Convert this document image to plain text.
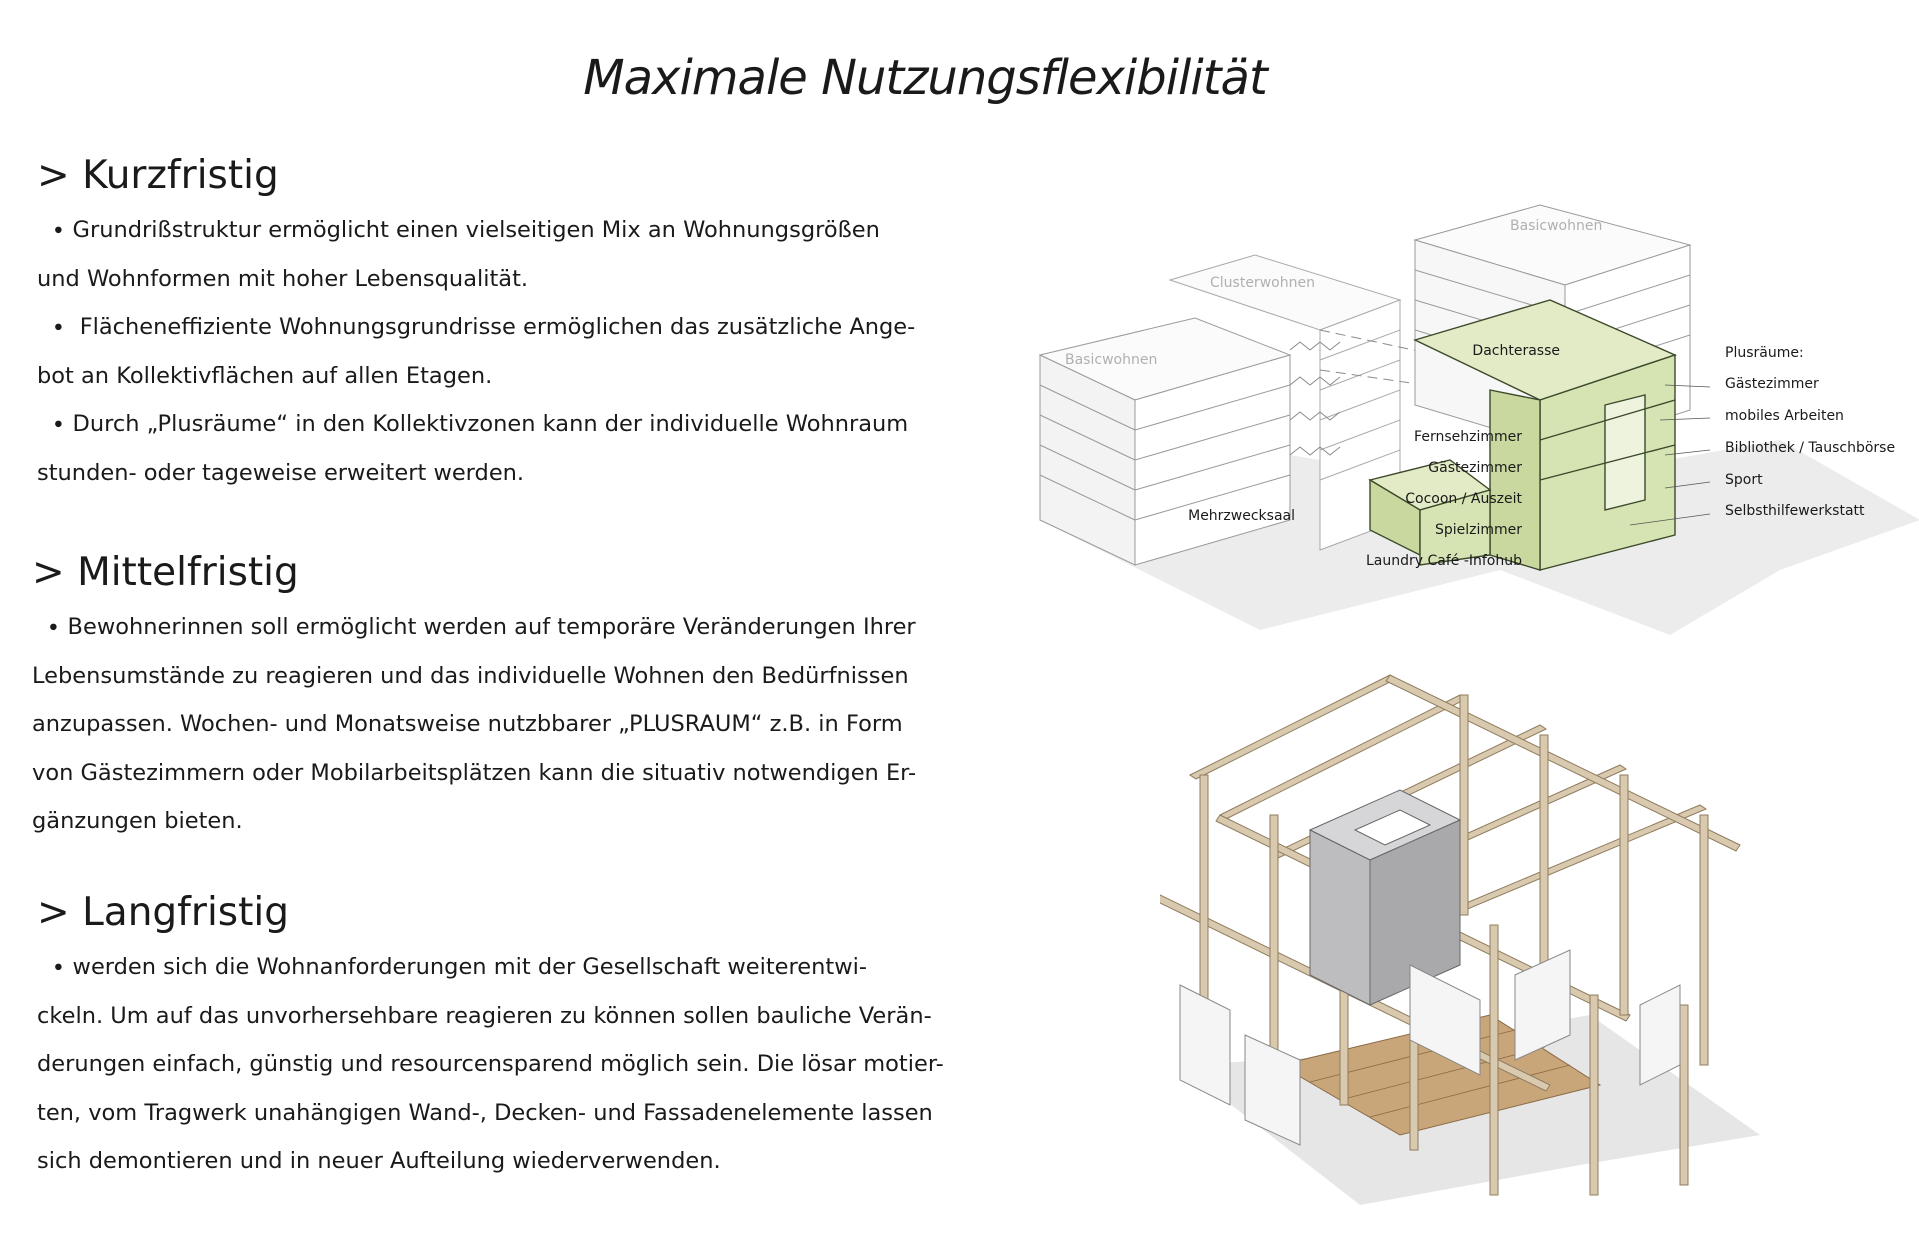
Maximale Nutzungsflexibilität
> Kurzfristig

∙ Grundrißstruktur ermöglicht einen vielseitigen Mix an Wohnungsgrößen
und Wohnformen mit hoher Lebensqualität.
∙  Flächeneffiziente Wohnungsgrundrisse ermöglichen das zusätzliche Ange-
bot an Kollektivflächen auf allen Etagen.
∙ Durch „Plusräume“ in den Kollektivzonen kann der individuelle Wohnraum
stunden- oder tageweise erweitert werden.

> Mittelfristig

∙ Bewohnerinnen soll ermöglicht werden auf temporäre Veränderungen Ihrer
Lebensumstände zu reagieren und das individuelle Wohnen den Bedürfnissen
anzupassen. Wochen- und Monatsweise nutzbbarer „PLUSRAUM“ z.B. in Form
von Gästezimmern oder Mobilarbeitsplätzen kann die situativ notwendigen Er-
gänzungen bieten.

> Langfristig

∙ werden sich die Wohnanforderungen mit der Gesellschaft weiterentwi-
ckeln. Um auf das unvorhersehbare reagieren zu können sollen bauliche Verän-
derungen einfach, günstig und resourcensparend möglich sein. Die lösar motier-
ten, vom Tragwerk unahängigen Wand-, Decken- und Fassadenelemente lassen
sich demontieren und in neuer Aufteilung wiederverwenden.

Basicwohnen
Clusterwohnen
Basicwohnen
Dachterasse
Fernsehzimmer
Gästezimmer
Cocoon / Auszeit
Spielzimmer
Laundry Café -Infohub
Mehrzwecksaal
Plusräume:
Gästezimmer
mobiles Arbeiten
Bibliothek / Tauschbörse
Sport
Selbsthilfewerkstatt
